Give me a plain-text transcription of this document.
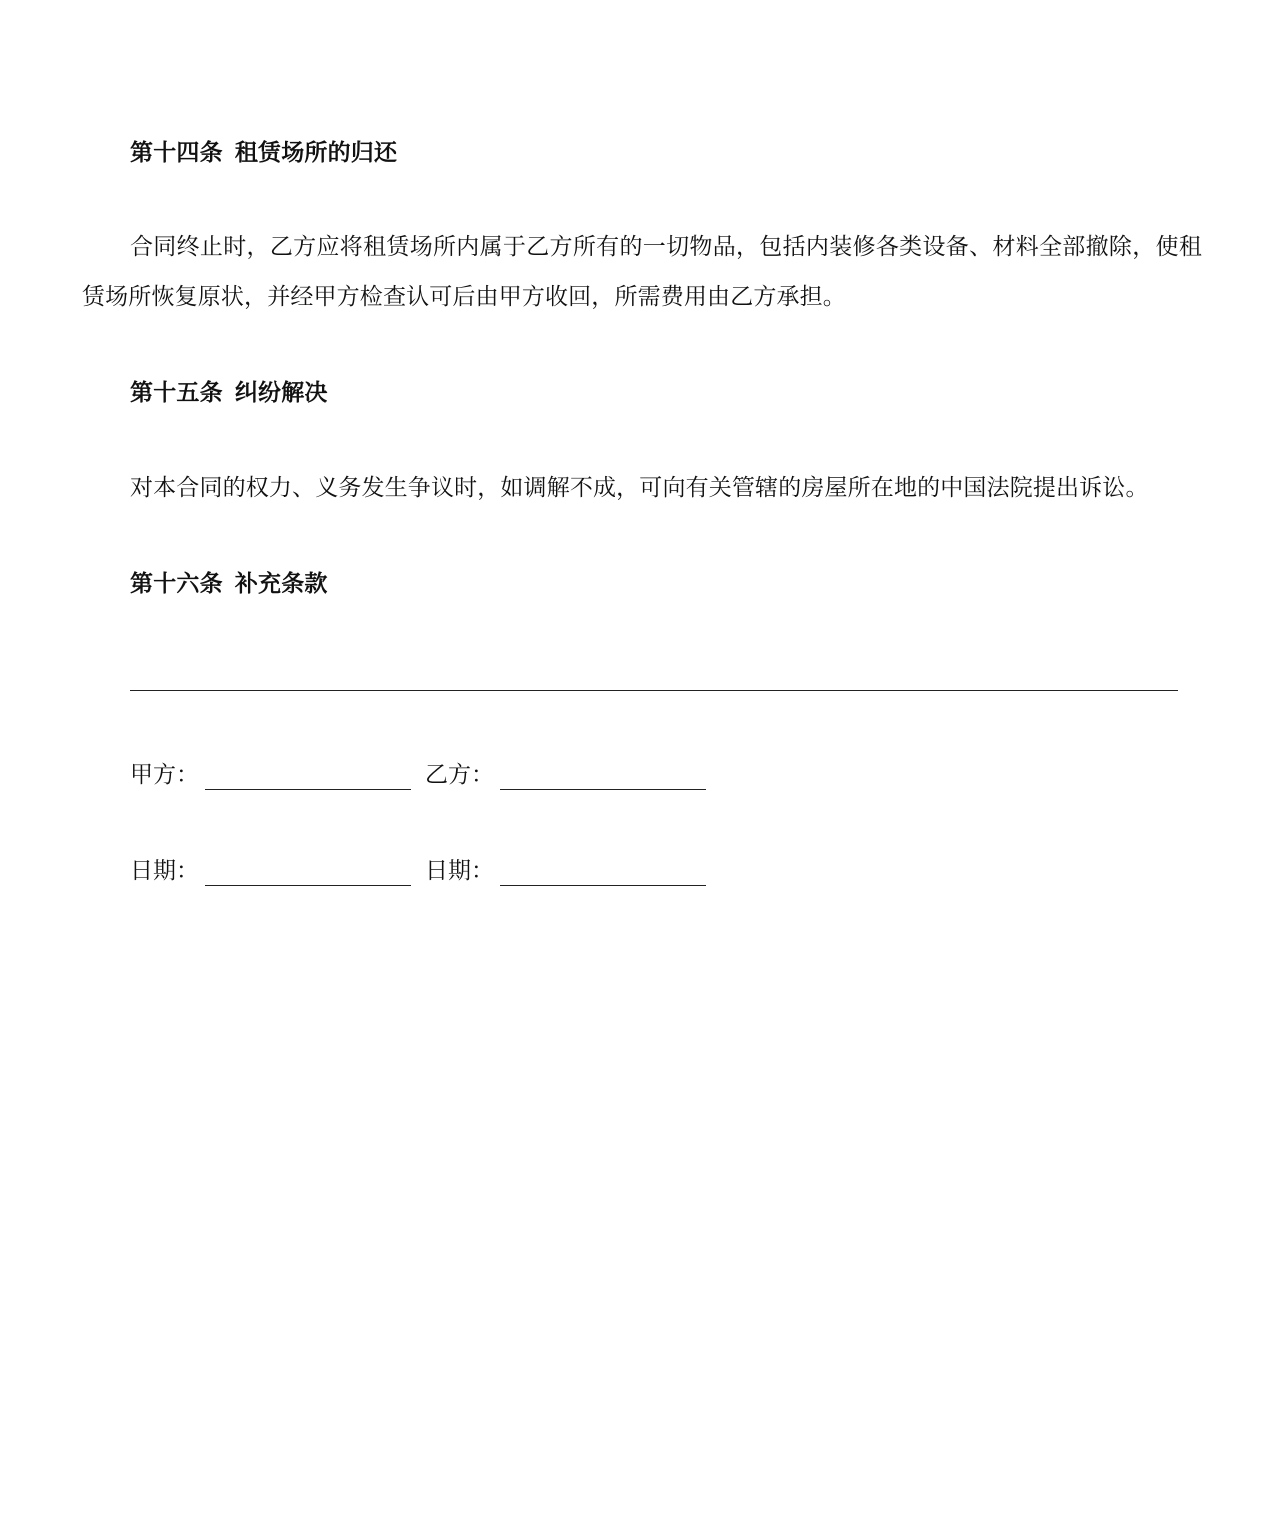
第十四条 租赁场所的归还
合同终止时，乙方应将租赁场所内属于乙方所有的一切物品，包括内装修各类设备、材料全部撤除，使租赁场所恢复原状，并经甲方检查认可后由甲方收回，所需费用由乙方承担。
第十五条 纠纷解决
对本合同的权力、义务发生争议时，如调解不成，可向有关管辖的房屋所在地的中国法院提出诉讼。
第十六条 补充条款
甲方：	乙方：
日期：	日期：
